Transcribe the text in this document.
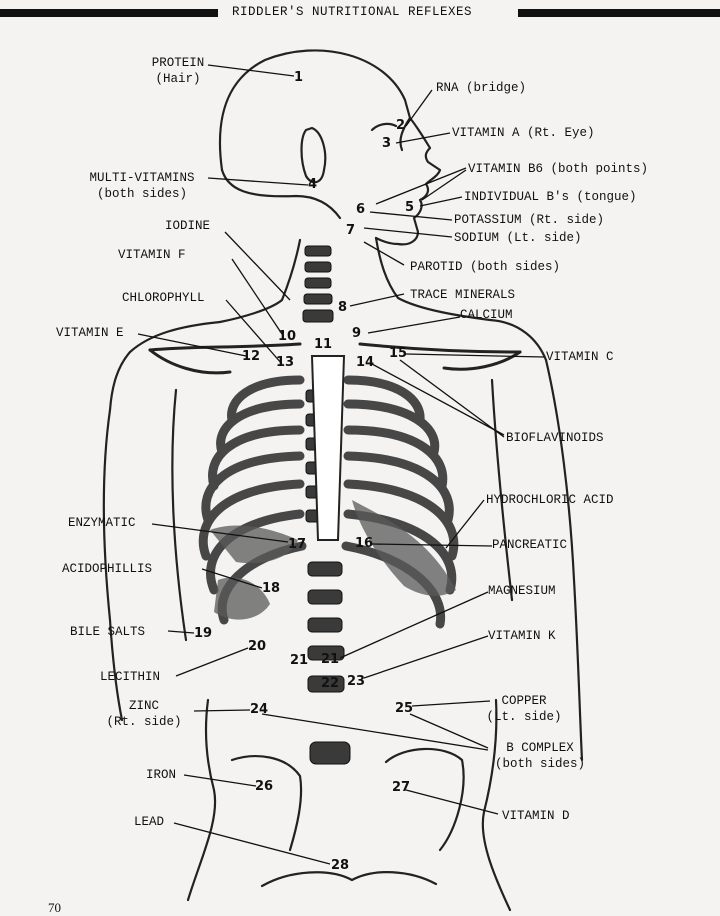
RIDDLER'S NUTRITIONAL REFLEXES
1
2
3
4
5
6
7
8
9
10
11
12 13	14
15
16
17
18
19
20
21 21
22 23
24	25
26	27
28
PROTEIN
(Hair)
RNA (bridge)
VITAMIN A (Rt. Eye)
VITAMIN B6 (both points)
MULTI-VITAMINS
(both sides)	INDIVIDUAL B's (tongue)
IODINE	POTASSIUM (Rt. side)
SODIUM (Lt. side)
VITAMIN F
PAROTID (both sides)
CHLOROPHYLL	TRACE MINERALS
CALCIUM
VITAMIN E
VITAMIN C
BIOFLAVINOIDS
HYDROCHLORIC ACID
ENZYMATIC
PANCREATIC
ACIDOPHILLIS
MAGNESIUM
BILE SALTS	VITAMIN K
LECITHIN
ZINC
(Rt. side)
COPPER
(Lt. side)
B COMPLEX
(both sides)
IRON
VITAMIN D
LEAD
70
